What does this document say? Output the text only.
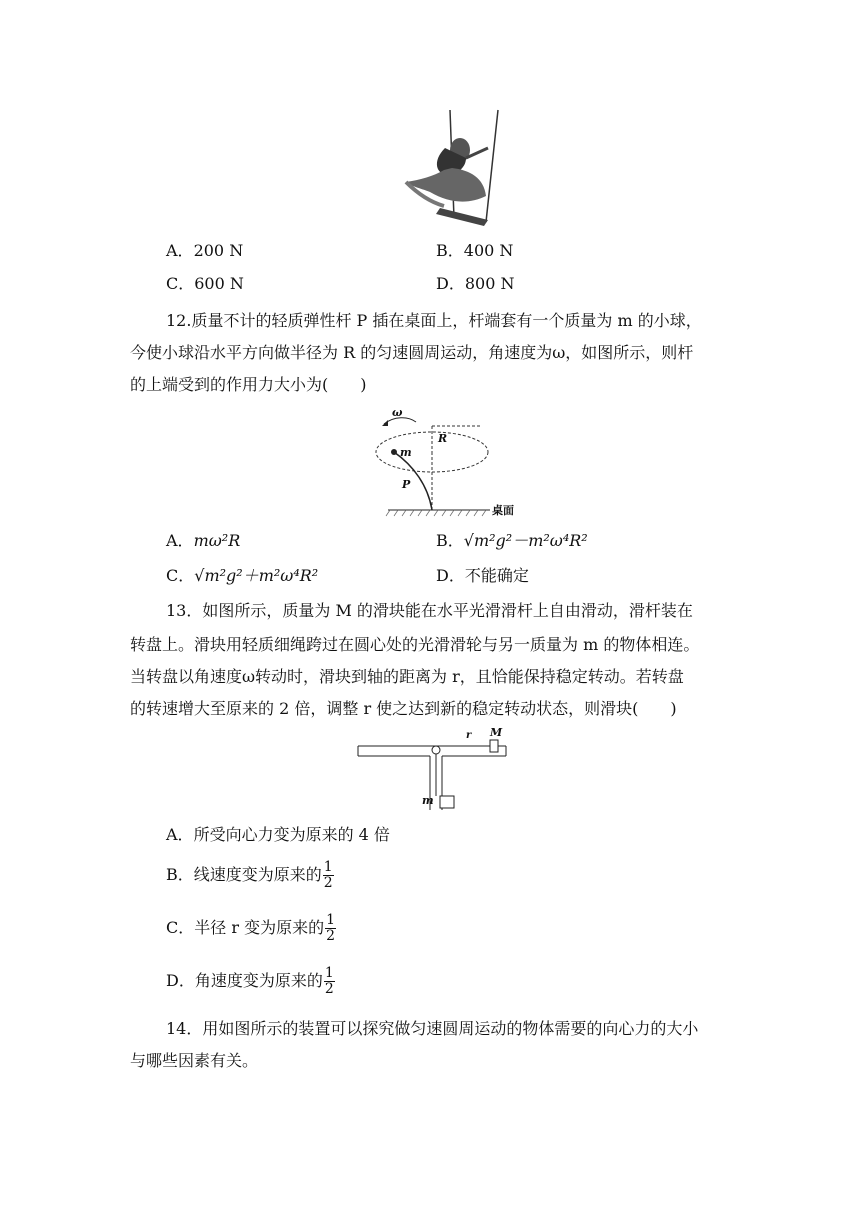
A．200 N	B．400 N
C．600 N	D．800 N
12.质量不计的轻质弹性杆 P 插在桌面上，杆端套有一个质量为 m 的小球，
今使小球沿水平方向做半径为 R 的匀速圆周运动，角速度为ω，如图所示，则杆
的上端受到的作用力大小为(　　)
ω
m
R
P
桌面
A．mω²R	B．√m²g²－m²ω⁴R²
C．√m²g²＋m²ω⁴R²	D．不能确定
13．如图所示，质量为 M 的滑块能在水平光滑滑杆上自由滑动，滑杆装在
转盘上。滑块用轻质细绳跨过在圆心处的光滑滑轮与另一质量为 m 的物体相连。
当转盘以角速度ω转动时，滑块到轴的距离为 r，且恰能保持稳定转动。若转盘
的转速增大至原来的 2 倍，调整 r 使之达到新的稳定转动状态，则滑块(　　)
r M
m
A．所受向心力变为原来的 4 倍
B．线速度变为原来的 $\frac{1}{2}$
C．半径 r 变为原来的 $\frac{1}{2}$
D．角速度变为原来的 $\frac{1}{2}$
14．用如图所示的装置可以探究做匀速圆周运动的物体需要的向心力的大小
与哪些因素有关。
